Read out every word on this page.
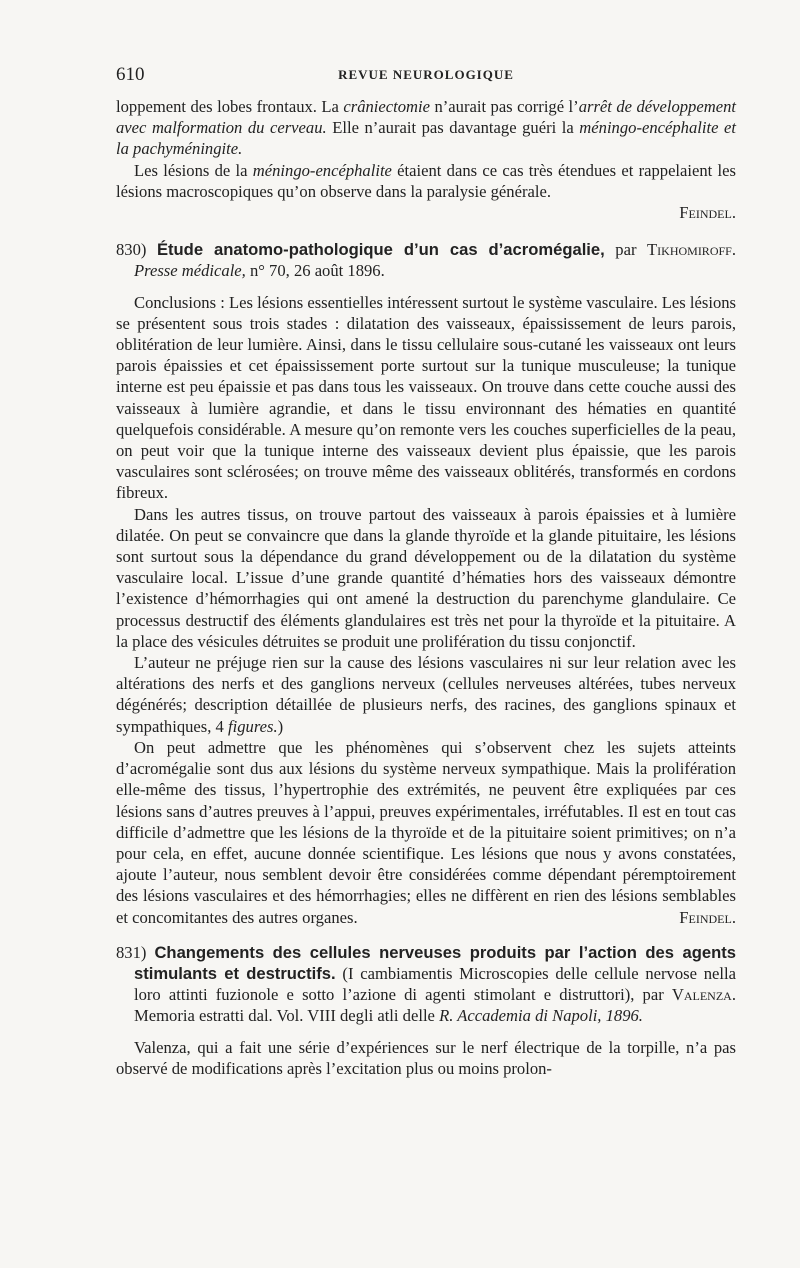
610	REVUE NEUROLOGIQUE

loppement des lobes frontaux. La crâniectomie n’aurait pas corrigé l’arrêt de développement avec malformation du cerveau. Elle n’aurait pas davantage guéri la méningo-encéphalite et la pachyméningite.

Les lésions de la méningo-encéphalite étaient dans ce cas très étendues et rappelaient les lésions macroscopiques qu’on observe dans la paralysie générale.

Feindel.

830) Étude anatomo-pathologique d’un cas d’acromégalie, par Tikhomiroff. Presse médicale, n° 70, 26 août 1896.

Conclusions : Les lésions essentielles intéressent surtout le système vasculaire. Les lésions se présentent sous trois stades : dilatation des vaisseaux, épaississement de leurs parois, oblitération de leur lumière. Ainsi, dans le tissu cellulaire sous-cutané les vaisseaux ont leurs parois épaissies et cet épaississement porte surtout sur la tunique musculeuse; la tunique interne est peu épaissie et pas dans tous les vaisseaux. On trouve dans cette couche aussi des vaisseaux à lumière agrandie, et dans le tissu environnant des hématies en quantité quelquefois considérable. A mesure qu’on remonte vers les couches superficielles de la peau, on peut voir que la tunique interne des vaisseaux devient plus épaissie, que les parois vasculaires sont sclérosées; on trouve même des vaisseaux oblitérés, transformés en cordons fibreux.

Dans les autres tissus, on trouve partout des vaisseaux à parois épaissies et à lumière dilatée. On peut se convaincre que dans la glande thyroïde et la glande pituitaire, les lésions sont surtout sous la dépendance du grand développement ou de la dilatation du système vasculaire local. L’issue d’une grande quantité d’hématies hors des vaisseaux démontre l’existence d’hémorrhagies qui ont amené la destruction du parenchyme glandulaire. Ce processus destructif des éléments glandulaires est très net pour la thyroïde et la pituitaire. A la place des vésicules détruites se produit une prolifération du tissu conjonctif.

L’auteur ne préjuge rien sur la cause des lésions vasculaires ni sur leur relation avec les altérations des nerfs et des ganglions nerveux (cellules nerveuses altérées, tubes nerveux dégénérés; description détaillée de plusieurs nerfs, des racines, des ganglions spinaux et sympathiques, 4 figures.)

On peut admettre que les phénomènes qui s’observent chez les sujets atteints d’acromégalie sont dus aux lésions du système nerveux sympathique. Mais la prolifération elle-même des tissus, l’hypertrophie des extrémités, ne peuvent être expliquées par ces lésions sans d’autres preuves à l’appui, preuves expérimentales, irréfutables. Il est en tout cas difficile d’admettre que les lésions de la thyroïde et de la pituitaire soient primitives; on n’a pour cela, en effet, aucune donnée scientifique. Les lésions que nous y avons constatées, ajoute l’auteur, nous semblent devoir être considérées comme dépendant péremptoirement des lésions vasculaires et des hémorrhagies; elles ne diffèrent en rien des lésions semblables et concomitantes des autres organes.	Feindel.

831) Changements des cellules nerveuses produits par l’action des agents stimulants et destructifs. (I cambiamentis Microscopies delle cellule nervose nella loro attinti fuzionole e sotto l’azione di agenti stimolant e distruttori), par Valenza. Memoria estratti dal. Vol. VIII degli atli delle R. Accademia di Napoli, 1896.

Valenza, qui a fait une série d’expériences sur le nerf électrique de la torpille, n’a pas observé de modifications après l’excitation plus ou moins prolon-
